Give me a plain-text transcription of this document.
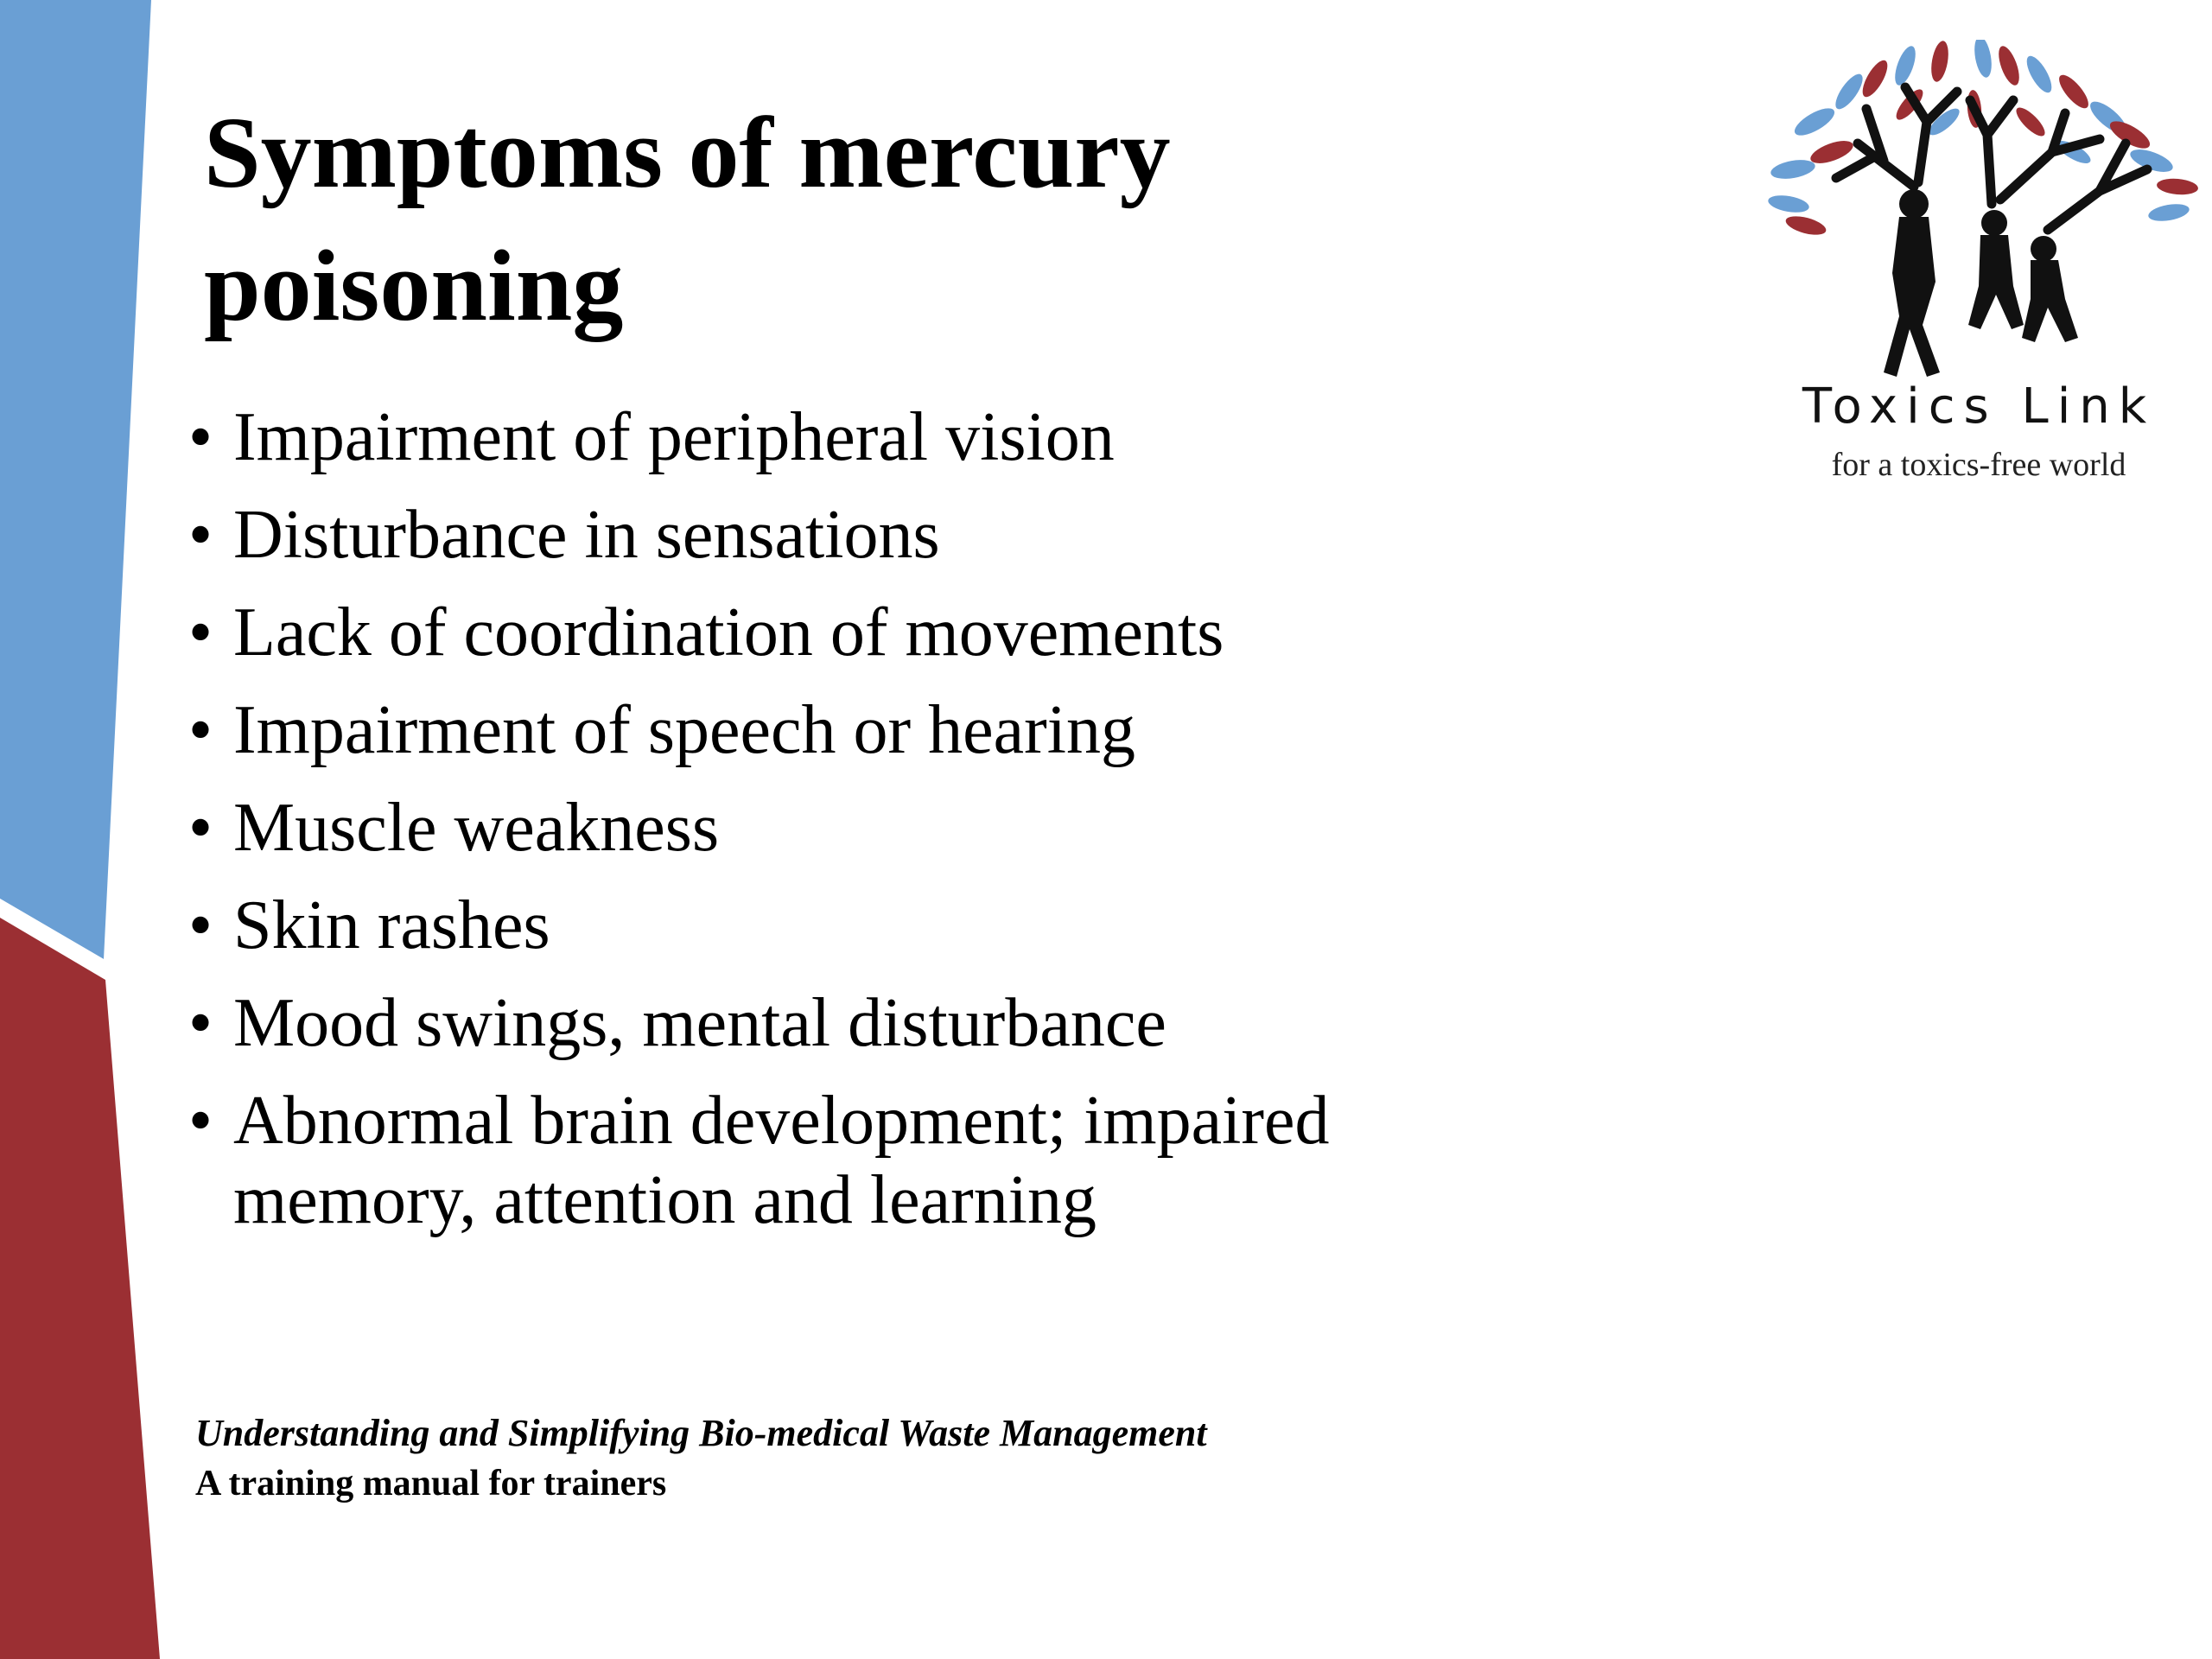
Symptoms of mercury poisoning
• Impairment of peripheral vision
• Disturbance in sensations
• Lack of coordination of movements
• Impairment of speech or hearing
• Muscle weakness
• Skin rashes
• Mood swings, mental disturbance
• Abnormal brain development; impaired memory, attention and learning
Toxics Link
for a toxics-free world
Understanding and Simplifying Bio-medical Waste Management
A training manual for trainers
